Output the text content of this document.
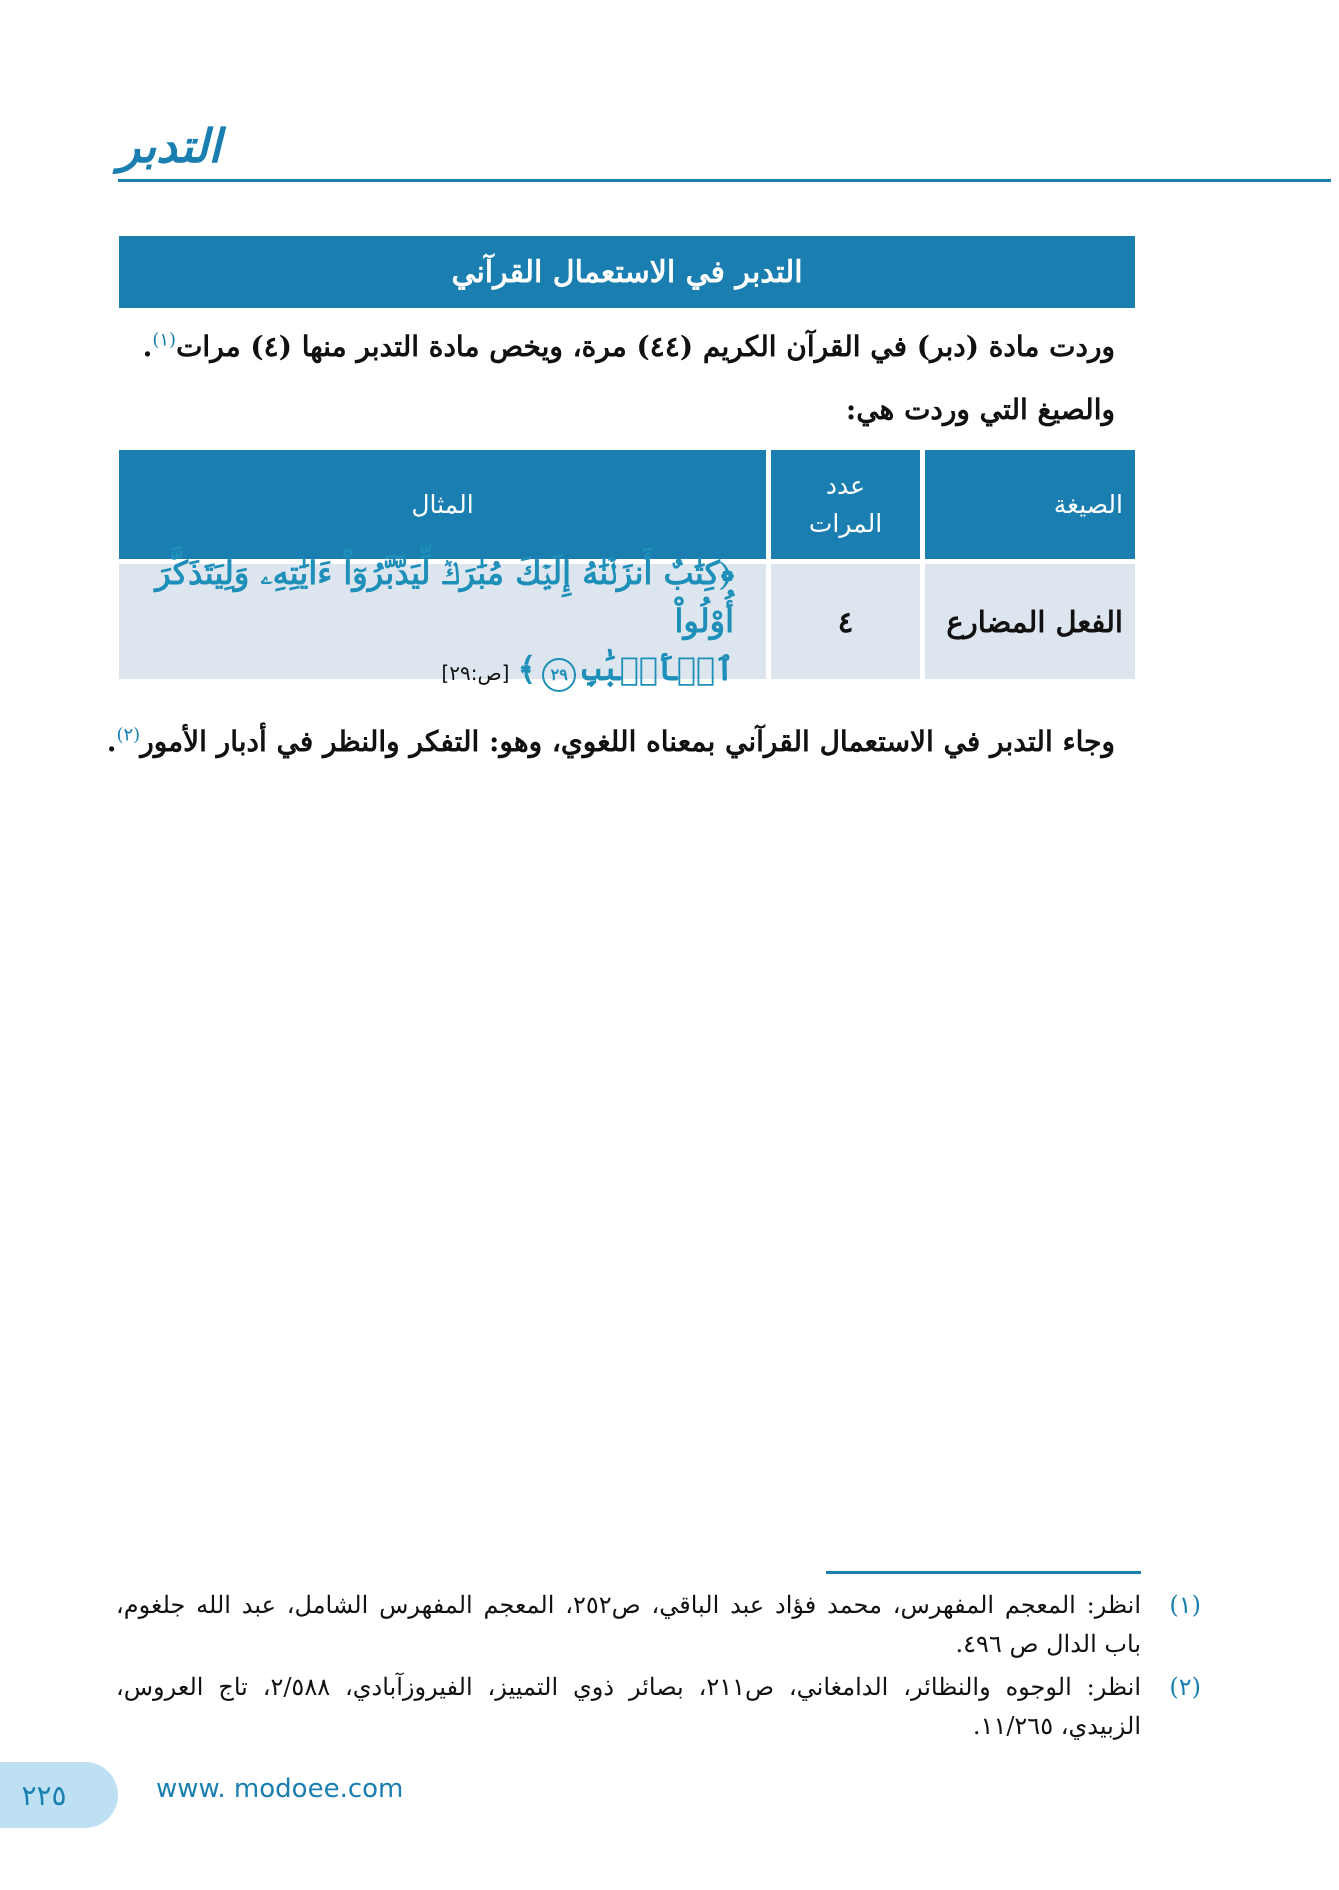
التدبر
التدبر في الاستعمال القرآني
وردت مادة (دبر) في القرآن الكريم (٤٤) مرة، ويخص مادة التدبر منها (٤) مرات$^{(١)}$.
والصيغ التي وردت هي:
الصيغة
عدد
المرات
المثال
الفعل المضارع
٤
﴿كِتَٰبٌ أَنزَلۡنَٰهُ إِلَيۡكَ مُبَٰرَكٞ لِّيَدَّبَّرُوٓاْ ءَايَٰتِهِۦ وَلِيَتَذَكَّرَ أُوْلُواْ
ٱلۡأَلۡبَٰبِ
٢٩
﴾
[ص:٢٩]
وجاء التدبر في الاستعمال القرآني بمعناه اللغوي، وهو: التفكر والنظر في أدبار الأمور$^{(٢)}$.
(١)
انظر: المعجم المفهرس، محمد فؤاد عبد الباقي، ص٢٥٢، المعجم المفهرس الشامل، عبد الله جلغوم، باب الدال ص ٤٩٦.
(٢)
انظر: الوجوه والنظائر، الدامغاني، ص٢١١، بصائر ذوي التمييز، الفيروزآبادي، ٢/٥٨٨، تاج العروس، الزبيدي، ١١/٢٦٥.
٢٢٥	www. modoee.com
